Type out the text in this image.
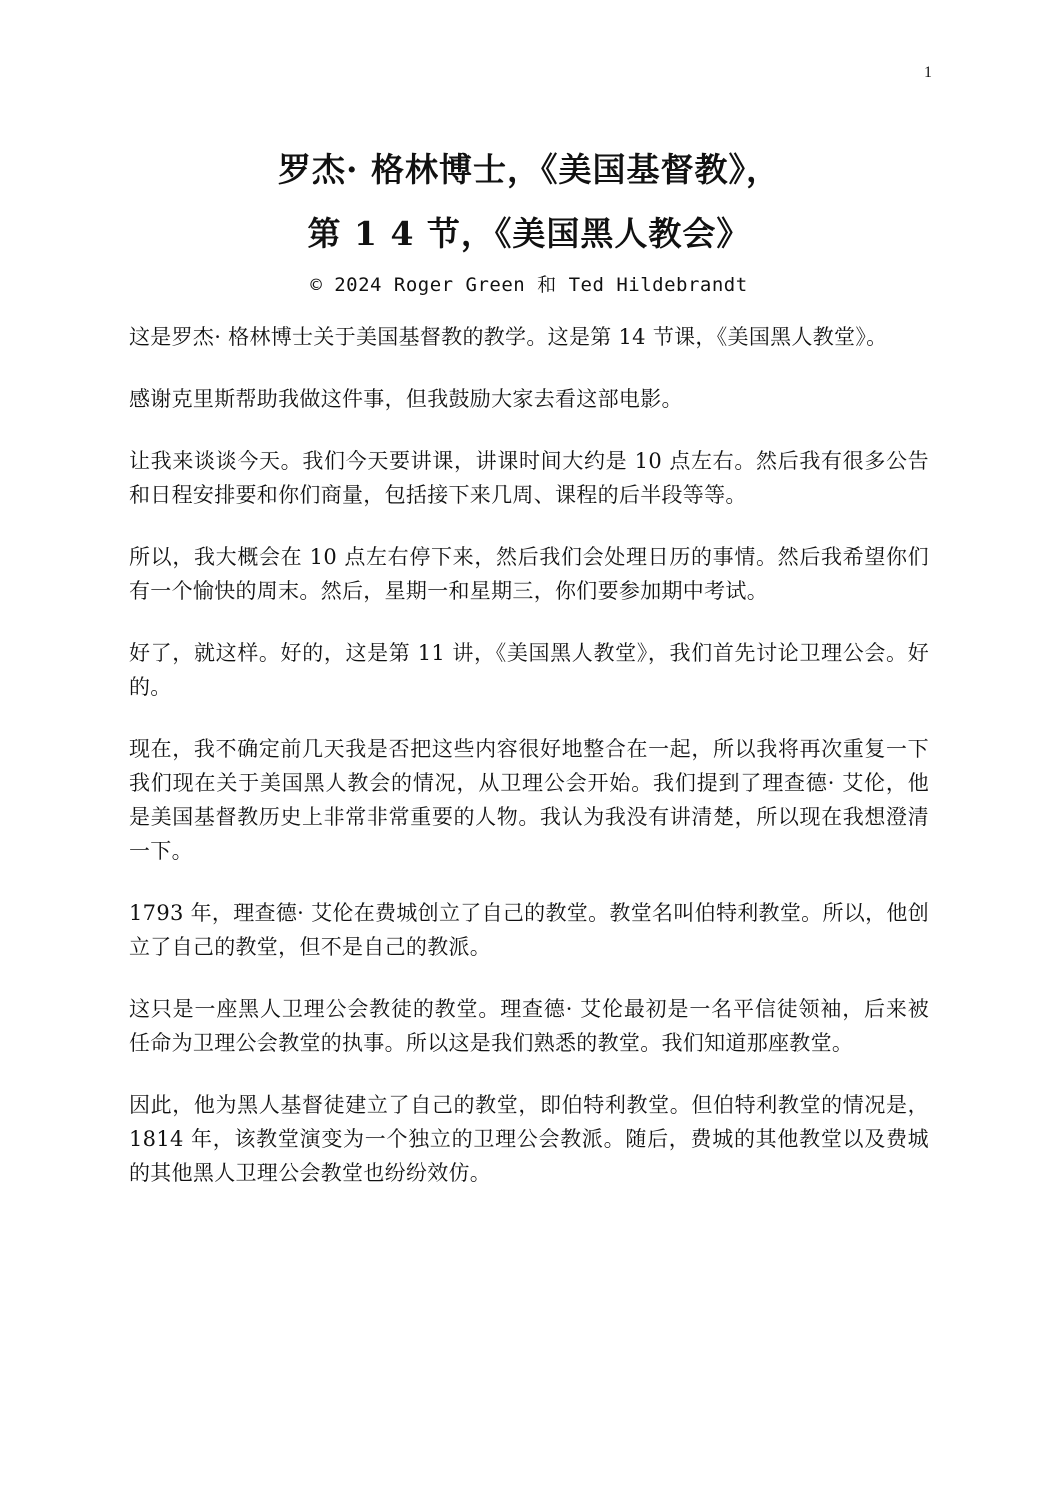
1

罗杰· 格林博士，《美国基督教》，

第 1 4 节，《美国黑人教会》

© 2024 Roger Green 和 Ted Hildebrandt

这是罗杰· 格林博士关于美国基督教的教学。这是第 14 节课，《美国黑人教堂》。

感谢克里斯帮助我做这件事，但我鼓励大家去看这部电影。

让我来谈谈今天。我们今天要讲课，讲课时间大约是 10 点左右。然后我有很多公告和日程安排要和你们商量，包括接下来几周、课程的后半段等等。

所以，我大概会在 10 点左右停下来，然后我们会处理日历的事情。然后我希望你们有一个愉快的周末。然后，星期一和星期三，你们要参加期中考试。

好了，就这样。好的，这是第 11 讲，《美国黑人教堂》，我们首先讨论卫理公会。好的。

现在，我不确定前几天我是否把这些内容很好地整合在一起，所以我将再次重复一下我们现在关于美国黑人教会的情况，从卫理公会开始。我们提到了理查德· 艾伦，他是美国基督教历史上非常非常重要的人物。我认为我没有讲清楚，所以现在我想澄清一下。

1793 年，理查德· 艾伦在费城创立了自己的教堂。教堂名叫伯特利教堂。所以，他创立了自己的教堂，但不是自己的教派。

这只是一座黑人卫理公会教徒的教堂。理查德· 艾伦最初是一名平信徒领袖，后来被任命为卫理公会教堂的执事。所以这是我们熟悉的教堂。我们知道那座教堂。

因此，他为黑人基督徒建立了自己的教堂，即伯特利教堂。但伯特利教堂的情况是，1814 年，该教堂演变为一个独立的卫理公会教派。随后，费城的其他教堂以及费城的其他黑人卫理公会教堂也纷纷效仿。
